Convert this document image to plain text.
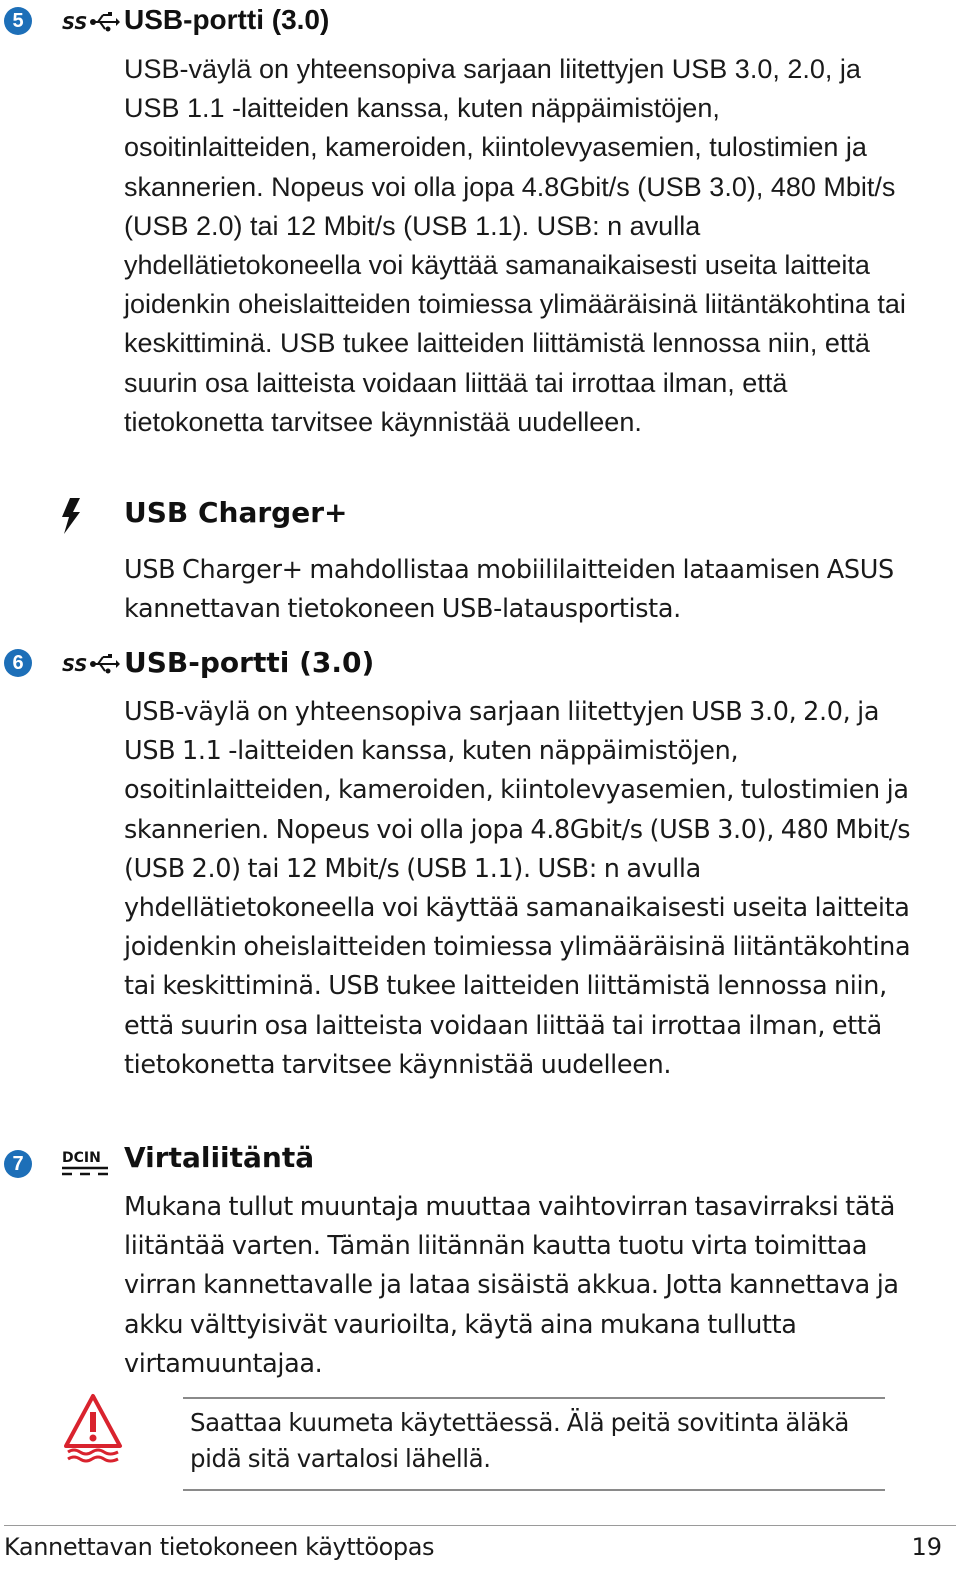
5	SS USB-portti (3.0)

USB-väylä on yhteensopiva sarjaan liitettyjen USB 3.0, 2.0, ja USB 1.1 -laitteiden kanssa, kuten näppäimistöjen, osoitinlaitteiden, kameroiden, kiintolevyasemien, tulostimien ja skannerien. Nopeus voi olla jopa 4.8Gbit/s (USB 3.0), 480 Mbit/s (USB 2.0) tai 12 Mbit/s (USB 1.1). USB: n avulla yhdellätietokoneella voi käyttää samanaikaisesti useita laitteita joidenkin oheislaitteiden toimiessa ylimääräisinä liitäntäkohtina tai keskittiminä. USB tukee laitteiden liittämistä lennossa niin, että suurin osa laitteista voidaan liittää tai irrottaa ilman, että tietokonetta tarvitsee käynnistää uudelleen.

USB Charger+

USB Charger+ mahdollistaa mobiililaitteiden lataamisen ASUS kannettavan tietokoneen USB-latausportista.

6	SS USB-portti (3.0)

USB-väylä on yhteensopiva sarjaan liitettyjen USB 3.0, 2.0, ja USB 1.1 -laitteiden kanssa, kuten näppäimistöjen, osoitinlaitteiden, kameroiden, kiintolevyasemien, tulostimien ja skannerien. Nopeus voi olla jopa 4.8Gbit/s (USB 3.0), 480 Mbit/s (USB 2.0) tai 12 Mbit/s (USB 1.1). USB: n avulla yhdellätietokoneella voi käyttää samanaikaisesti useita laitteita joidenkin oheislaitteiden toimiessa ylimääräisinä liitäntäkohtina tai keskittiminä. USB tukee laitteiden liittämistä lennossa niin, että suurin osa laitteista voidaan liittää tai irrottaa ilman, että tietokonetta tarvitsee käynnistää uudelleen.

7	DCIN Virtaliitäntä

Mukana tullut muuntaja muuttaa vaihtovirran tasavirraksi tätä liitäntää varten. Tämän liitännän kautta tuotu virta toimittaa virran kannettavalle ja lataa sisäistä akkua. Jotta kannettava ja akku välttyisivät vaurioilta, käytä aina mukana tullutta virtamuuntajaa.

Saattaa kuumeta käytettäessä. Älä peitä sovitinta äläkä pidä sitä vartalosi lähellä.

Kannettavan tietokoneen käyttöopas	19
